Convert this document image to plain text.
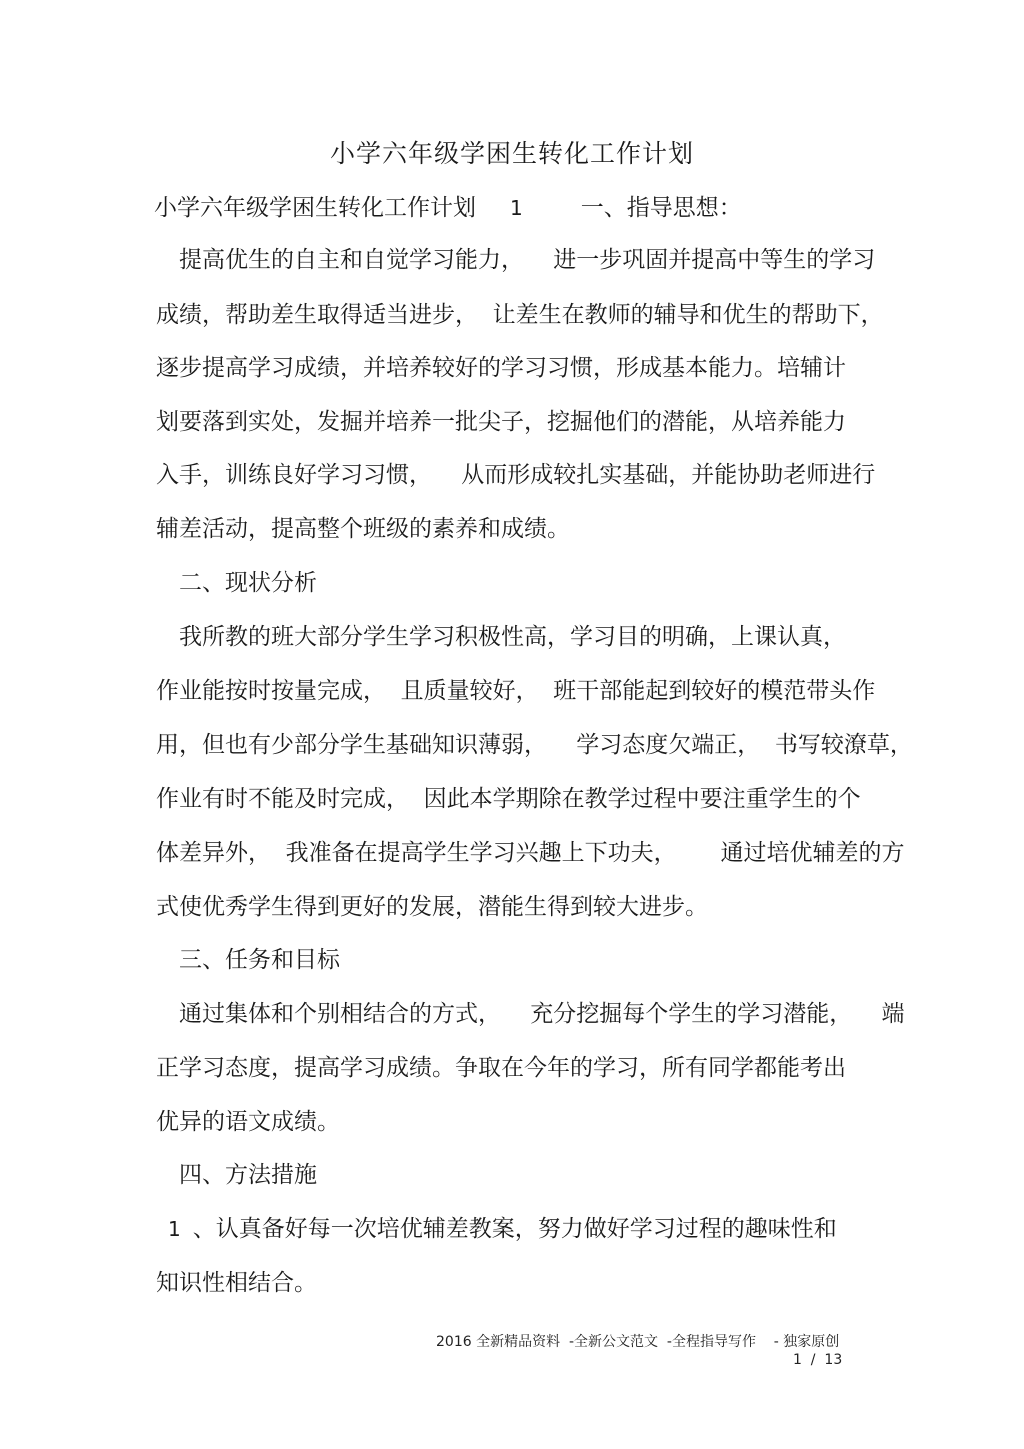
小学六年级学困生转化工作计划
小学六年级学困生转化工作计划 1	一、指导思想：
提高优生的自主和自觉学习能力，    进一步巩固并提高中等生的学习
成绩，帮助差生取得适当进步，  让差生在教师的辅导和优生的帮助下，
逐步提高学习成绩，并培养较好的学习习惯，形成基本能力。培辅计
划要落到实处，发掘并培养一批尖子，挖掘他们的潜能，从培养能力
入手，训练良好学习习惯，    从而形成较扎实基础，并能协助老师进行
辅差活动，提高整个班级的素养和成绩。
二、现状分析
我所教的班大部分学生学习积极性高，学习目的明确，上课认真，
作业能按时按量完成，  且质量较好，  班干部能起到较好的模范带头作
用，但也有少部分学生基础知识薄弱，    学习态度欠端正，  书写较潦草，
作业有时不能及时完成，  因此本学期除在教学过程中要注重学生的个
体差异外，  我准备在提高学生学习兴趣上下功夫，      通过培优辅差的方
式使优秀学生得到更好的发展，潜能生得到较大进步。
三、任务和目标
通过集体和个别相结合的方式，    充分挖掘每个学生的学习潜能，    端
正学习态度，提高学习成绩。争取在今年的学习，所有同学都能考出
优异的语文成绩。
四、方法措施
1 、认真备好每一次培优辅差教案，努力做好学习过程的趣味性和
知识性相结合。
2016 全新精品资料  -全新公文范文  -全程指导写作    - 独家原创
1  /  13
